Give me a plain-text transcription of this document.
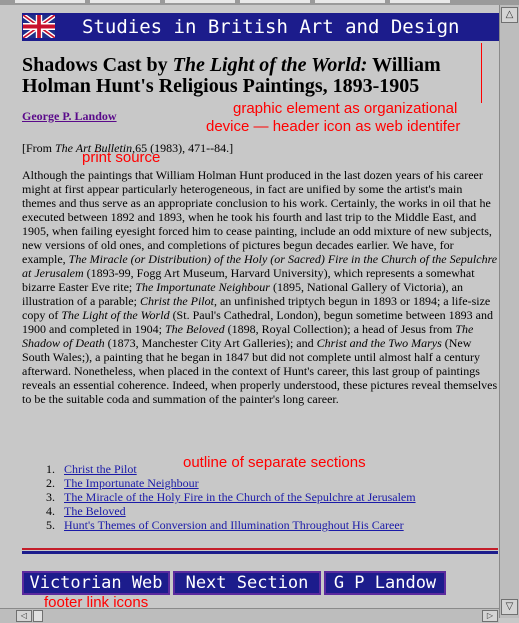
Studies in British Art and Design
Shadows Cast by The Light of the World: William Holman Hunt's Religious Paintings, 1893-1905
George P. Landow
[From The Art Bulletin,65 (1983), 471--84.]

Although the paintings that William Holman Hunt produced in the last dozen years of his career might at first appear particularly heterogeneous, in fact are unified by some the artist's main themes and thus serve as an appropriate conclusion to his work. Certainly, the works in oil that he executed between 1892 and 1893, when he took his fourth and last trip to the Middle East, and 1905, when failing eyesight forced him to cease painting, include an odd mixture of new subjects, new versions of old ones, and completions of pictures begun decades earlier. We have, for example, The Miracle (or Distribution) of the Holy (or Sacred) Fire in the Church of the Sepulchre at Jerusalem (1893-99, Fogg Art Museum, Harvard University), which represents a somewhat bizarre Easter Eve rite; The Importunate Neighbour (1895, National Gallery of Victoria), an illustration of a parable; Christ the Pilot, an unfinished triptych begun in 1893 or 1894; a life-size copy of The Light of the World (St. Paul's Cathedral, London), begun sometime between 1893 and 1900 and completed in 1904; The Beloved (1898, Royal Collection); a head of Jesus from The Shadow of Death (1873, Manchester City Art Galleries); and Christ and the Two Marys (New South Wales;), a painting that he began in 1847 but did not complete until almost half a century afterward. Nonetheless, when placed in the context of Hunt's career, this last group of paintings reveals an essential coherence. Indeed, when properly understood, these pictures reveal themselves to be the suitable coda and summation of the painter's long career.

1. Christ the Pilot
2. The Importunate Neighbour
3. The Miracle of the Holy Fire in the Church of the Sepulchre at Jerusalem
4. The Beloved
5. Hunt's Themes of Conversion and Illumination Throughout His Career
Victorian Web	Next Section	G P Landow
graphic element as organizational
device — header icon as web identifer
print source
outline of separate sections
footer link icons
△
▽
◁	▷
